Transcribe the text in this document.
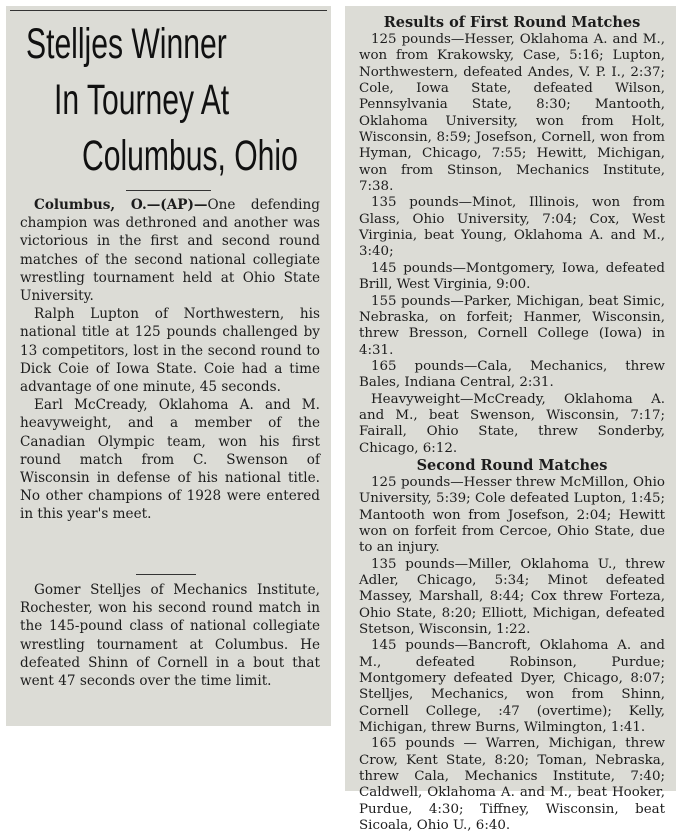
Stelljes Winner
In Tourney At
Columbus, Ohio

Columbus, O.—(AP)—One defending champion was dethroned and another was victorious in the first and second round matches of the second national collegiate wrestling tournament held at Ohio State University.

Ralph Lupton of Northwestern, his national title at 125 pounds challenged by 13 competitors, lost in the second round to Dick Coie of Iowa State. Coie had a time advantage of one minute, 45 seconds.

Earl McCready, Oklahoma A. and M. heavyweight, and a member of the Canadian Olympic team, won his first round match from C. Swenson of Wisconsin in defense of his national title. No other champions of 1928 were entered in this year's meet.

Gomer Stelljes of Mechanics Institute, Rochester, won his second round match in the 145-pound class of national collegiate wrestling tournament at Columbus. He defeated Shinn of Cornell in a bout that went 47 seconds over the time limit.

Results of First Round Matches

125 pounds—Hesser, Oklahoma A. and M., won from Krakowsky, Case, 5:16; Lupton, Northwestern, defeated Andes, V. P. I., 2:37; Cole, Iowa State, defeated Wilson, Pennsylvania State, 8:30; Mantooth, Oklahoma University, won from Holt, Wisconsin, 8:59; Josefson, Cornell, won from Hyman, Chicago, 7:55; Hewitt, Michigan, won from Stinson, Mechanics Institute, 7:38.

135 pounds—Minot, Illinois, won from Glass, Ohio University, 7:04; Cox, West Virginia, beat Young, Oklahoma A. and M., 3:40;

145 pounds—Montgomery, Iowa, defeated Brill, West Virginia, 9:00.

155 pounds—Parker, Michigan, beat Simic, Nebraska, on forfeit; Hanmer, Wisconsin, threw Bresson, Cornell College (Iowa) in 4:31.

165 pounds—Cala, Mechanics, threw Bales, Indiana Central, 2:31.

Heavyweight—McCready, Oklahoma A. and M., beat Swenson, Wisconsin, 7:17; Fairall, Ohio State, threw Sonderby, Chicago, 6:12.

Second Round Matches

125 pounds—Hesser threw McMillon, Ohio University, 5:39; Cole defeated Lupton, 1:45; Mantooth won from Josefson, 2:04; Hewitt won on forfeit from Cercoe, Ohio State, due to an injury.

135 pounds—Miller, Oklahoma U., threw Adler, Chicago, 5:34; Minot defeated Massey, Marshall, 8:44; Cox threw Forteza, Ohio State, 8:20; Elliott, Michigan, defeated Stetson, Wisconsin, 1:22.

145 pounds—Bancroft, Oklahoma A. and M., defeated Robinson, Purdue; Montgomery defeated Dyer, Chicago, 8:07; Stelljes, Mechanics, won from Shinn, Cornell College, :47 (overtime); Kelly, Michigan, threw Burns, Wilmington, 1:41.

165 pounds — Warren, Michigan, threw Crow, Kent State, 8:20; Toman, Nebraska, threw Cala, Mechanics Institute, 7:40; Caldwell, Oklahoma A. and M., beat Hooker, Purdue, 4:30; Tiffney, Wisconsin, beat Sicoala, Ohio U., 6:40.
